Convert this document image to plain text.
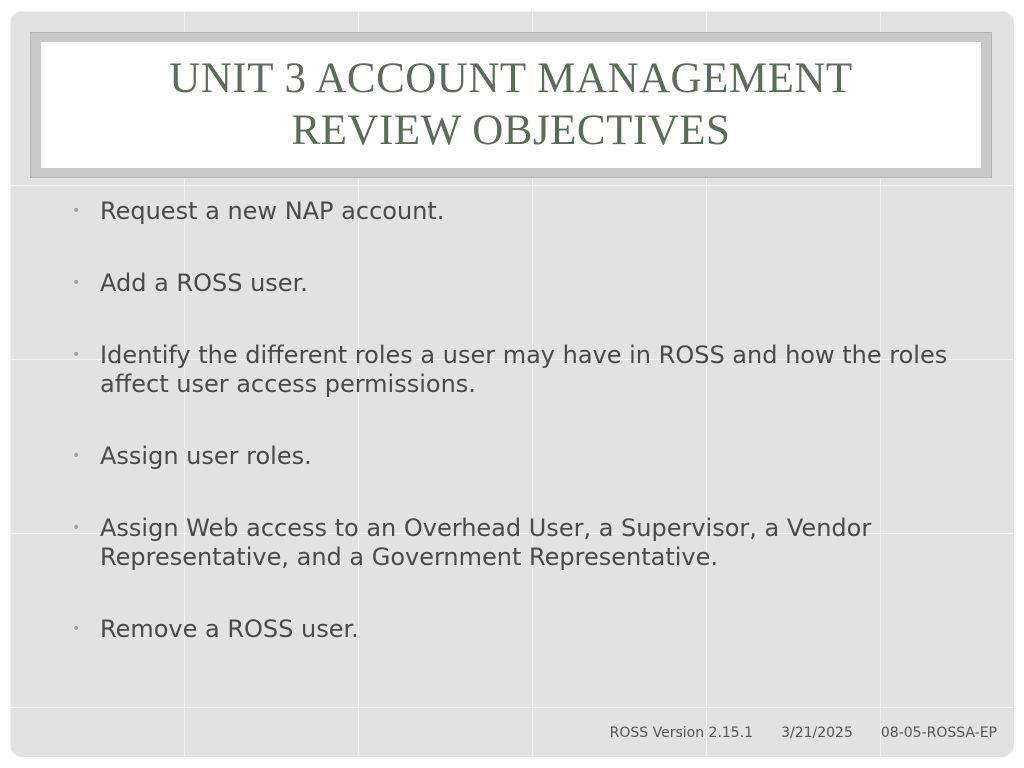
UNIT 3 ACCOUNT MANAGEMENT
REVIEW OBJECTIVES
• Request a new NAP account.
• Add a ROSS user.
• Identify the different roles a user may have in ROSS and how the roles affect user access permissions.
• Assign user roles.
• Assign Web access to an Overhead User, a Supervisor, a Vendor Representative, and a Government Representative.
• Remove a ROSS user.
ROSS Version 2.15.1 3/21/2025 08-05-ROSSA-EP
